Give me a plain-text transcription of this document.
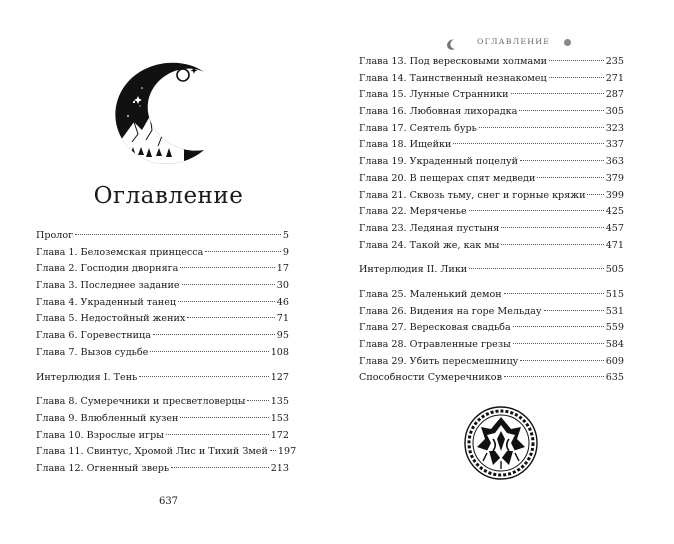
Оглавление
Пролог	5
Глава 1. Белоземская принцесса	9
Глава 2. Господин дворняга	17
Глава 3. Последнее задание	30
Глава 4. Украденный танец	46
Глава 5. Недостойный жених	71
Глава 6. Горевестница	95
Глава 7. Вызов судьбе	108
Интерлюдия I. Тень	127
Глава 8. Сумеречники и пресветловерцы	135
Глава 9. Влюбленный кузен	153
Глава 10. Взрослые игры	172
Глава 11. Свинтус, Хромой Лис и Тихий Змей 197
Глава 12. Огненный зверь	213
637
ОГЛАВЛЕНИЕ
Глава 13. Под вересковыми холмами	235
Глава 14. Таинственный незнакомец	271
Глава 15. Лунные Странники	287
Глава 16. Любовная лихорадка	305
Глава 17. Сеятель бурь	323
Глава 18. Ищейки	337
Глава 19. Украденный поцелуй	363
Глава 20. В пещерах спят медведи	379
Глава 21. Сквозь тьму, снег и горные кряжи 399
Глава 22. Меряченье	425
Глава 23. Ледяная пустыня	457
Глава 24. Такой же, как мы	471
Интерлюдия II. Лики	505
Глава 25. Маленький демон	515
Глава 26. Видения на горе Мельдау	531
Глава 27. Вересковая свадьба	559
Глава 28. Отравленные грезы	584
Глава 29. Убить пересмешницу	609
Способности Сумеречников	635
